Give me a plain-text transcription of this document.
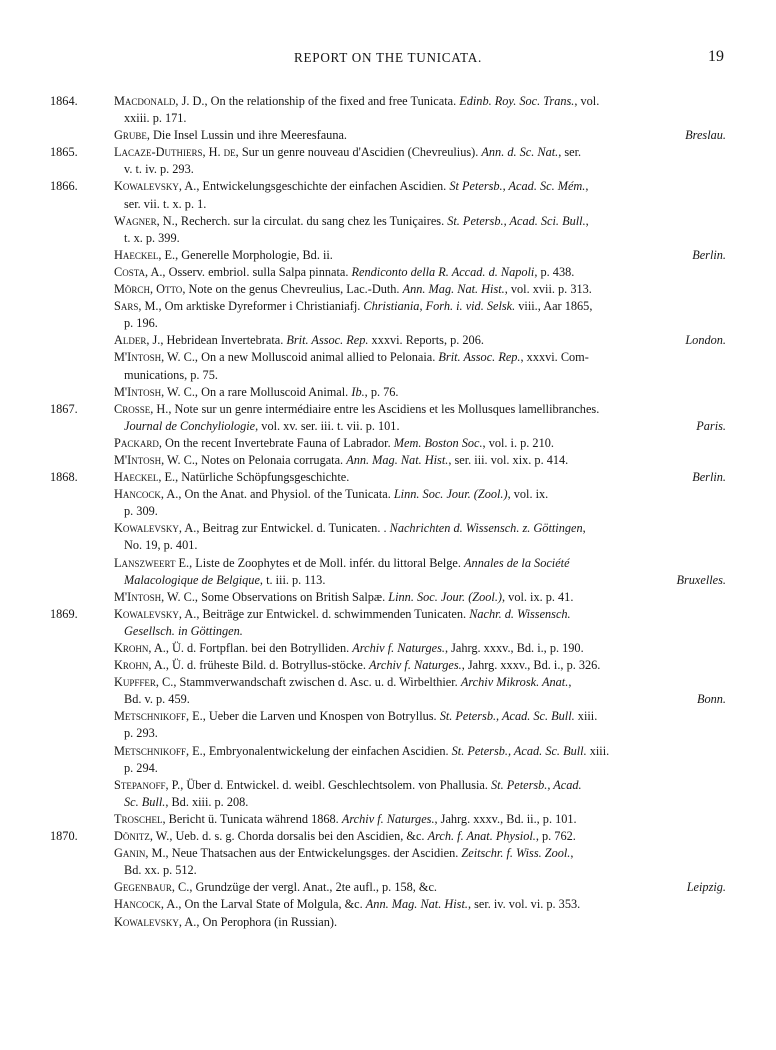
REPORT ON THE TUNICATA.	19
1864.	Macdonald, J. D., On the relationship of the fixed and free Tunicata. Edinb. Roy. Soc. Trans., vol.
xxiii. p. 171.
Grube, Die Insel Lussin und ihre Meeresfauna.	Breslau.
1865.	Lacaze-Duthiers, H. de, Sur un genre nouveau d'Ascidien (Chevreulius). Ann. d. Sc. Nat., ser.
v. t. iv. p. 293.
1866.	Kowalevsky, A., Entwickelungsgeschichte der einfachen Ascidien. St Petersb., Acad. Sc. Mém.,
ser. vii. t. x. p. 1.
Wagner, N., Recherch. sur la circulat. du sang chez les Tuniçaires. St. Petersb., Acad. Sci. Bull.,
t. x. p. 399.
Haeckel, E., Generelle Morphologie, Bd. ii.	Berlin.
Costa, A., Osserv. embriol. sulla Salpa pinnata. Rendiconto della R. Accad. d. Napoli, p. 438.
Mörch, Otto, Note on the genus Chevreulius, Lac.-Duth. Ann. Mag. Nat. Hist., vol. xvii. p. 313.
Sars, M., Om arktiske Dyreformer i Christianiafj. Christiania, Forh. i. vid. Selsk. viii., Aar 1865,
p. 196.
Alder, J., Hebridean Invertebrata. Brit. Assoc. Rep. xxxvi. Reports, p. 206.	London.
M'Intosh, W. C., On a new Molluscoid animal allied to Pelonaia. Brit. Assoc. Rep., xxxvi. Com-
munications, p. 75.
M'Intosh, W. C., On a rare Molluscoid Animal. Ib., p. 76.
1867.	Crosse, H., Note sur un genre intermédiaire entre les Ascidiens et les Mollusques lamellibranches.
Journal de Conchyliologie, vol. xv. ser. iii. t. vii. p. 101.	Paris.
Packard, On the recent Invertebrate Fauna of Labrador. Mem. Boston Soc., vol. i. p. 210.
M'Intosh, W. C., Notes on Pelonaia corrugata. Ann. Mag. Nat. Hist., ser. iii. vol. xix. p. 414.
1868.	Haeckel, E., Natürliche Schöpfungsgeschichte.	Berlin.
Hancock, A., On the Anat. and Physiol. of the Tunicata. Linn. Soc. Jour. (Zool.), vol. ix.
p. 309.
Kowalevsky, A., Beitrag zur Entwickel. d. Tunicaten. . Nachrichten d. Wissensch. z. Göttingen,
No. 19, p. 401.
Lanszweert E., Liste de Zoophytes et de Moll. infér. du littoral Belge. Annales de la Société
Malacologique de Belgique, t. iii. p. 113.	Bruxelles.
M'Intosh, W. C., Some Observations on British Salpæ. Linn. Soc. Jour. (Zool.), vol. ix. p. 41.
1869.	Kowalevsky, A., Beiträge zur Entwickel. d. schwimmenden Tunicaten. Nachr. d. Wissensch.
Gesellsch. in Göttingen.
Krohn, A., Ü. d. Fortpflan. bei den Botrylliden. Archiv f. Naturges., Jahrg. xxxv., Bd. i., p. 190.
Krohn, A., Ü. d. früheste Bild. d. Botryllus-stöcke. Archiv f. Naturges., Jahrg. xxxv., Bd. i., p. 326.
Kupffer, C., Stammverwandschaft zwischen d. Asc. u. d. Wirbelthier. Archiv Mikrosk. Anat.,
Bd. v. p. 459.	Bonn.
Metschnikoff, E., Ueber die Larven und Knospen von Botryllus. St. Petersb., Acad. Sc. Bull. xiii.
p. 293.
Metschnikoff, E., Embryonalentwickelung der einfachen Ascidien. St. Petersb., Acad. Sc. Bull. xiii.
p. 294.
Stepanoff, P., Über d. Entwickel. d. weibl. Geschlechtsolem. von Phallusia. St. Petersb., Acad.
Sc. Bull., Bd. xiii. p. 208.
Troschel, Bericht ü. Tunicata während 1868. Archiv f. Naturges., Jahrg. xxxv., Bd. ii., p. 101.
1870.	Dönitz, W., Ueb. d. s. g. Chorda dorsalis bei den Ascidien, &c. Arch. f. Anat. Physiol., p. 762.
Ganin, M., Neue Thatsachen aus der Entwickelungsges. der Ascidien. Zeitschr. f. Wiss. Zool.,
Bd. xx. p. 512.
Gegenbaur, C., Grundzüge der vergl. Anat., 2te aufl., p. 158, &c.	Leipzig.
Hancock, A., On the Larval State of Molgula, &c. Ann. Mag. Nat. Hist., ser. iv. vol. vi. p. 353.
Kowalevsky, A., On Perophora (in Russian).
